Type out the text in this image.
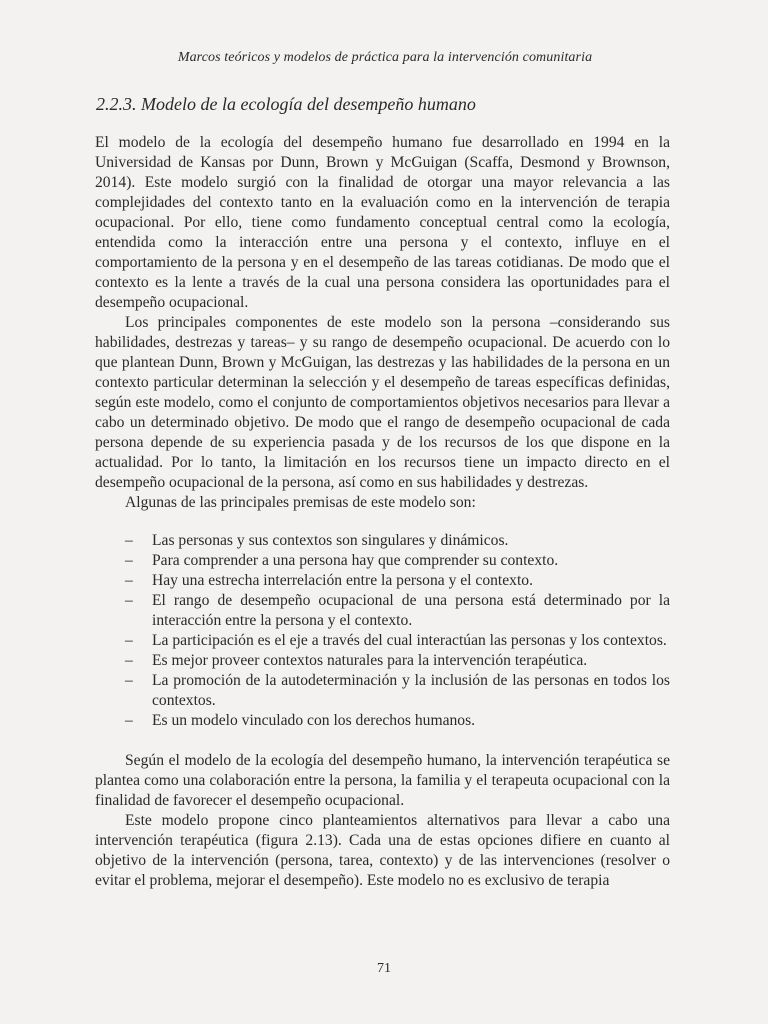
Marcos teóricos y modelos de práctica para la intervención comunitaria
2.2.3. Modelo de la ecología del desempeño humano

El modelo de la ecología del desempeño humano fue desarrollado en 1994 en la Universidad de Kansas por Dunn, Brown y McGuigan (Scaffa, Desmond y Brownson, 2014). Este modelo surgió con la finalidad de otorgar una mayor relevancia a las complejidades del contexto tanto en la evaluación como en la intervención de terapia ocupacional. Por ello, tiene como fundamento conceptual central como la ecología, entendida como la interacción entre una persona y el contexto, influye en el comportamiento de la persona y en el desempeño de las tareas cotidianas. De modo que el contexto es la lente a través de la cual una persona considera las oportunidades para el desempeño ocupacional.

Los principales componentes de este modelo son la persona –considerando sus habilidades, destrezas y tareas– y su rango de desempeño ocupacional. De acuerdo con lo que plantean Dunn, Brown y McGuigan, las destrezas y las habilidades de la persona en un contexto particular determinan la selección y el desempeño de tareas específicas definidas, según este modelo, como el conjunto de comportamientos objetivos necesarios para llevar a cabo un determinado objetivo. De modo que el rango de desempeño ocupacional de cada persona depende de su experiencia pasada y de los recursos de los que dispone en la actualidad. Por lo tanto, la limitación en los recursos tiene un impacto directo en el desempeño ocupacional de la persona, así como en sus habilidades y destrezas.

Algunas de las principales premisas de este modelo son:

– Las personas y sus contextos son singulares y dinámicos.
– Para comprender a una persona hay que comprender su contexto.
– Hay una estrecha interrelación entre la persona y el contexto.
– El rango de desempeño ocupacional de una persona está determinado por la interacción entre la persona y el contexto.
– La participación es el eje a través del cual interactúan las personas y los contextos.
– Es mejor proveer contextos naturales para la intervención terapéutica.
– La promoción de la autodeterminación y la inclusión de las personas en todos los contextos.
– Es un modelo vinculado con los derechos humanos.

Según el modelo de la ecología del desempeño humano, la intervención terapéutica se plantea como una colaboración entre la persona, la familia y el terapeuta ocupacional con la finalidad de favorecer el desempeño ocupacional.

Este modelo propone cinco planteamientos alternativos para llevar a cabo una intervención terapéutica (figura 2.13). Cada una de estas opciones difiere en cuanto al objetivo de la intervención (persona, tarea, contexto) y de las intervenciones (resolver o evitar el problema, mejorar el desempeño). Este modelo no es exclusivo de terapia

71
